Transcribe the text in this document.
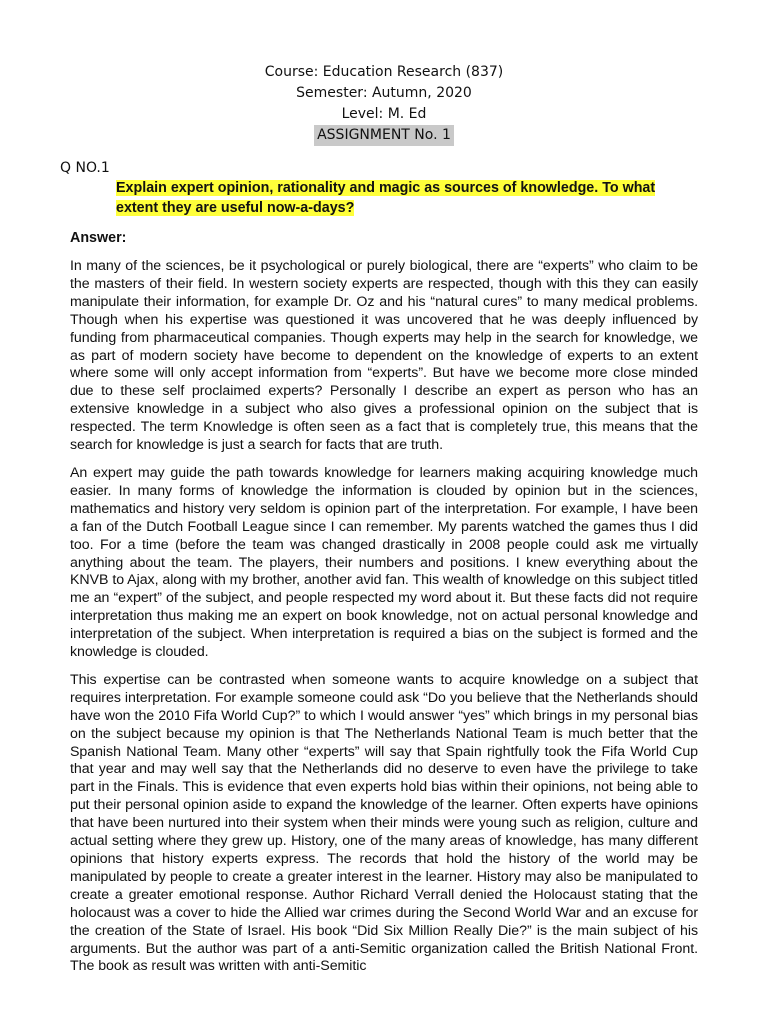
Course: Education Research (837)
Semester: Autumn, 2020
Level: M. Ed
ASSIGNMENT No. 1
Q NO.1
Explain expert opinion, rationality and magic as sources of knowledge. To what extent they are useful now-a-days?
Answer:

In many of the sciences, be it psychological or purely biological, there are “experts” who claim to be the masters of their field. In western society experts are respected, though with this they can easily manipulate their information, for example Dr. Oz and his “natural cures” to many medical problems. Though when his expertise was questioned it was uncovered that he was deeply influenced by funding from pharmaceutical companies. Though experts may help in the search for knowledge, we as part of modern society have become to dependent on the knowledge of experts to an extent where some will only accept information from “experts”. But have we become more close minded due to these self proclaimed experts? Personally I describe an expert as person who has an extensive knowledge in a subject who also gives a professional opinion on the subject that is respected. The term Knowledge is often seen as a fact that is completely true, this means that the search for knowledge is just a search for facts that are truth.

An expert may guide the path towards knowledge for learners making acquiring knowledge much easier. In many forms of knowledge the information is clouded by opinion but in the sciences, mathematics and history very seldom is opinion part of the interpretation. For example, I have been a fan of the Dutch Football League since I can remember. My parents watched the games thus I did too. For a time (before the team was changed drastically in 2008 people could ask me virtually anything about the team. The players, their numbers and positions. I knew everything about the KNVB to Ajax, along with my brother, another avid fan. This wealth of knowledge on this subject titled me an “expert” of the subject, and people respected my word about it. But these facts did not require interpretation thus making me an expert on book knowledge, not on actual personal knowledge and interpretation of the subject. When interpretation is required a bias on the subject is formed and the knowledge is clouded.

This expertise can be contrasted when someone wants to acquire knowledge on a subject that requires interpretation. For example someone could ask “Do you believe that the Netherlands should have won the 2010 Fifa World Cup?” to which I would answer “yes” which brings in my personal bias on the subject because my opinion is that The Netherlands National Team is much better that the Spanish National Team. Many other “experts” will say that Spain rightfully took the Fifa World Cup that year and may well say that the Netherlands did no deserve to even have the privilege to take part in the Finals. This is evidence that even experts hold bias within their opinions, not being able to put their personal opinion aside to expand the knowledge of the learner. Often experts have opinions that have been nurtured into their system when their minds were young such as religion, culture and actual setting where they grew up. History, one of the many areas of knowledge, has many different opinions that history experts express. The records that hold the history of the world may be manipulated by people to create a greater interest in the learner. History may also be manipulated to create a greater emotional response. Author Richard Verrall denied the Holocaust stating that the holocaust was a cover to hide the Allied war crimes during the Second World War and an excuse for the creation of the State of Israel. His book “Did Six Million Really Die?” is the main subject of his arguments. But the author was part of a anti-Semitic organization called the British National Front. The book as result was written with anti-Semitic
